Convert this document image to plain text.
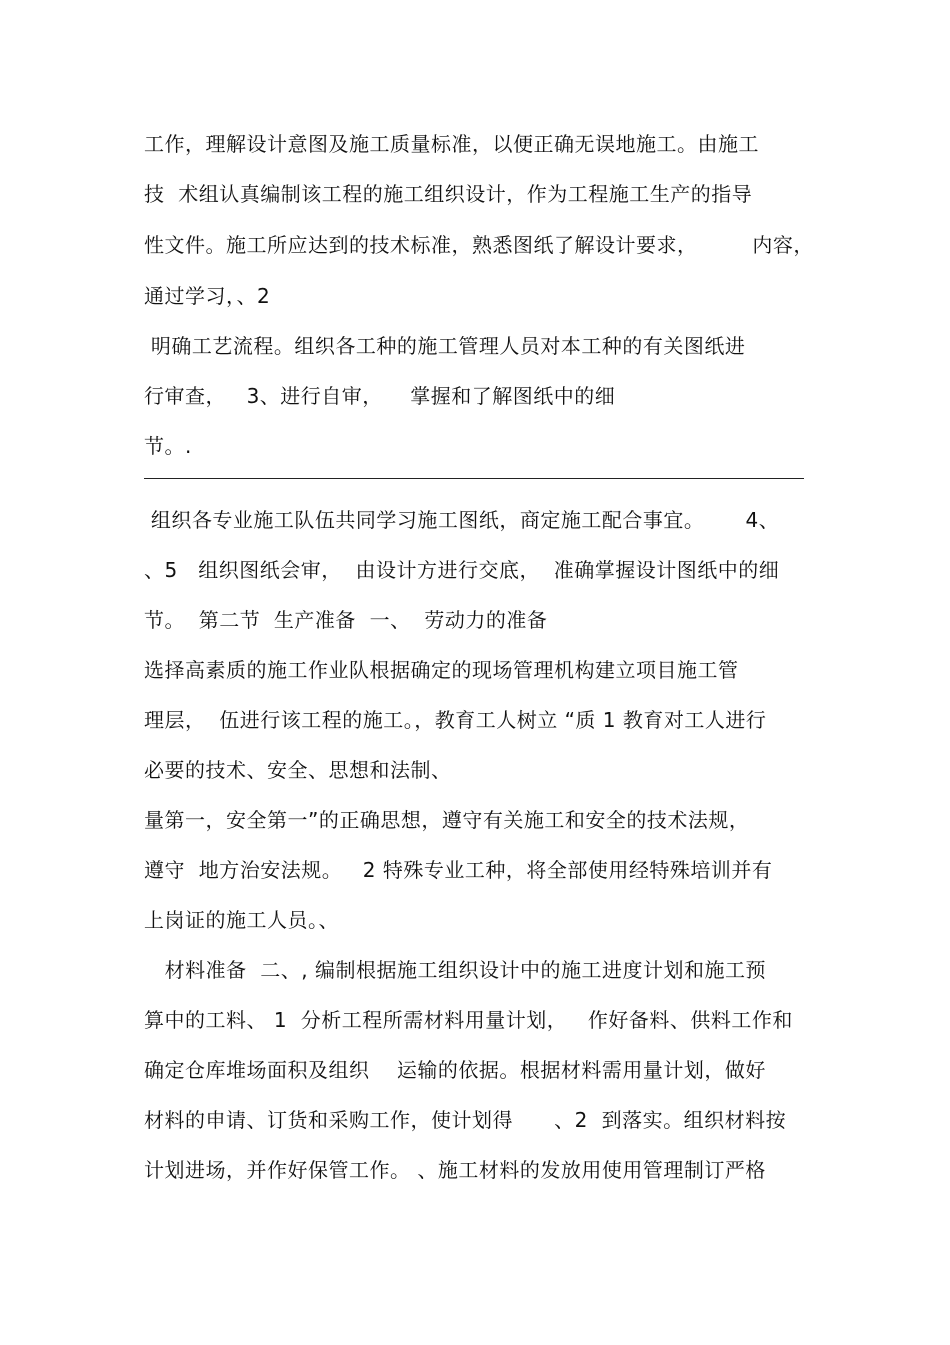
工作，理解设计意图及施工质量标准，以便正确无误地施工。由施工
技  术组认真编制该工程的施工组织设计，作为工程施工生产的指导
性文件。施工所应达到的技术标准，熟悉图纸了解设计要求，        内容，
通过学习，、2
明确工艺流程。组织各工种的施工管理人员对本工种的有关图纸进
行审查，   3、进行自审，    掌握和了解图纸中的细
节。.
组织各专业施工队伍共同学习施工图纸，商定施工配合事宜。      4、
、5   组织图纸会审，  由设计方进行交底，  准确掌握设计图纸中的细
节。  第二节  生产准备  一、  劳动力的准备
选择高素质的施工作业队根据确定的现场管理机构建立项目施工管
理层，  伍进行该工程的施工。，教育工人树立 “质 1 教育对工人进行
必要的技术、安全、思想和法制、
量第一，安全第一”的正确思想，遵守有关施工和安全的技术法规，
遵守  地方治安法规。   2 特殊专业工种，将全部使用经特殊培训并有
上岗证的施工人员。、
材料准备  二、, 编制根据施工组织设计中的施工进度计划和施工预
算中的工料、 1  分析工程所需材料用量计划，   作好备料、供料工作和
确定仓库堆场面积及组织    运输的依据。根据材料需用量计划，做好
材料的申请、订货和采购工作，使计划得      、2  到落实。组织材料按
计划进场，并作好保管工作。 、施工材料的发放用使用管理制订严格
